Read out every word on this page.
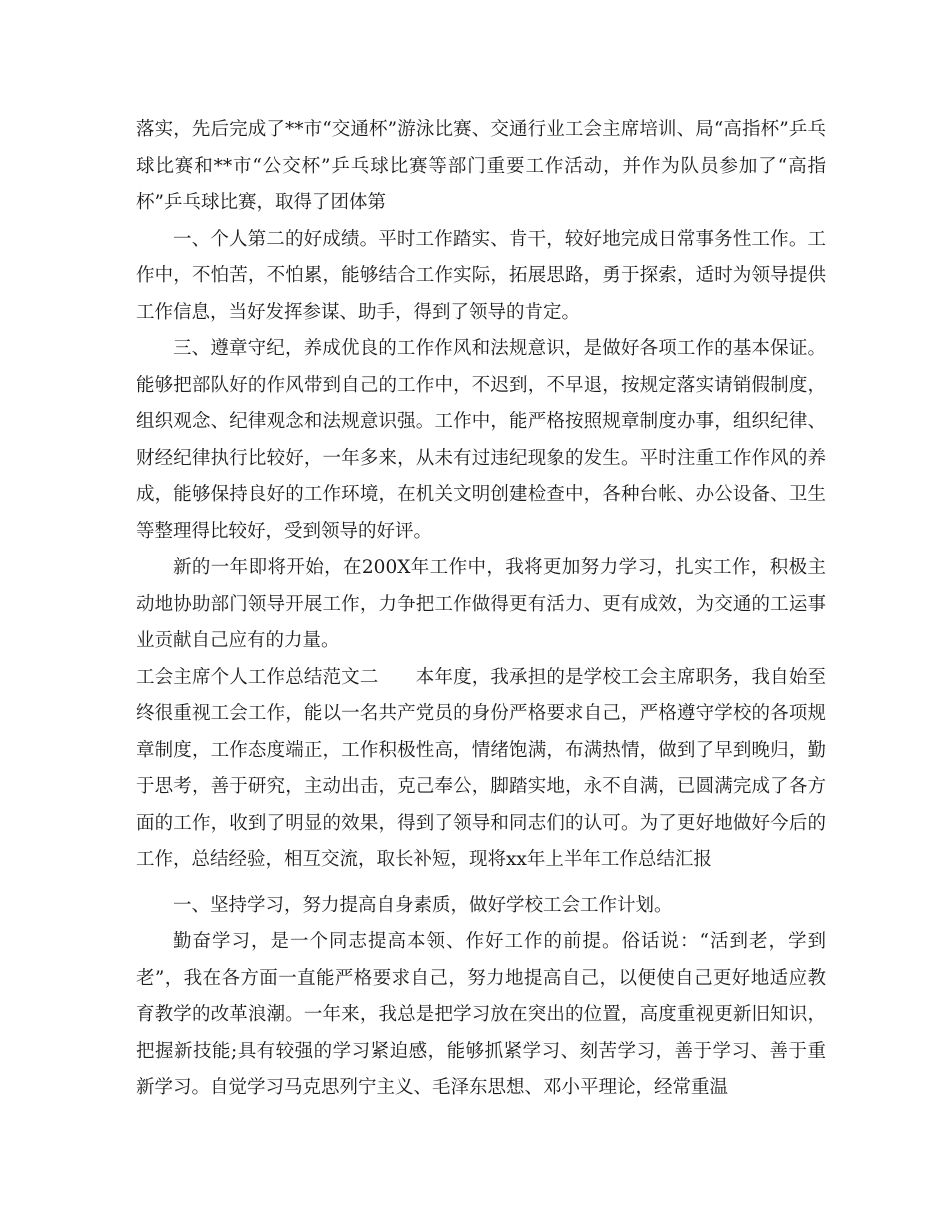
落实，先后完成了**市“交通杯”游泳比赛、交通行业工会主席培训、局“高指杯”乒乓球比赛和**市“公交杯”乒乓球比赛等部门重要工作活动，并作为队员参加了“高指杯”乒乓球比赛，取得了团体第

一、个人第二的好成绩。平时工作踏实、肯干，较好地完成日常事务性工作。工作中，不怕苦，不怕累，能够结合工作实际，拓展思路，勇于探索，适时为领导提供工作信息，当好发挥参谋、助手，得到了领导的肯定。

三、遵章守纪，养成优良的工作作风和法规意识，是做好各项工作的基本保证。能够把部队好的作风带到自己的工作中，不迟到，不早退，按规定落实请销假制度，组织观念、纪律观念和法规意识强。工作中，能严格按照规章制度办事，组织纪律、财经纪律执行比较好，一年多来，从未有过违纪现象的发生。平时注重工作作风的养成，能够保持良好的工作环境，在机关文明创建检查中，各种台帐、办公设备、卫生等整理得比较好，受到领导的好评。

新的一年即将开始，在200X年工作中，我将更加努力学习，扎实工作，积极主动地协助部门领导开展工作，力争把工作做得更有活力、更有成效，为交通的工运事业贡献自己应有的力量。

工会主席个人工作总结范文二　　 本年度，我承担的是学校工会主席职务，我自始至终很重视工会工作，能以一名共产党员的身份严格要求自己，严格遵守学校的各项规章制度，工作态度端正，工作积极性高，情绪饱满，布满热情，做到了早到晚归，勤于思考，善于研究，主动出击，克己奉公，脚踏实地，永不自满，已圆满完成了各方面的工作，收到了明显的效果，得到了领导和同志们的认可。为了更好地做好今后的工作，总结经验，相互交流，取长补短，现将xx年上半年工作总结汇报

一、坚持学习，努力提高自身素质，做好学校工会工作计划。

勤奋学习，是一个同志提高本领、作好工作的前提。俗话说：“活到老，学到老”，我在各方面一直能严格要求自己，努力地提高自己，以便使自己更好地适应教育教学的改革浪潮。一年来，我总是把学习放在突出的位置，高度重视更新旧知识，把握新技能;具有较强的学习紧迫感，能够抓紧学习、刻苦学习，善于学习、善于重新学习。自觉学习马克思列宁主义、毛泽东思想、邓小平理论，经常重温
